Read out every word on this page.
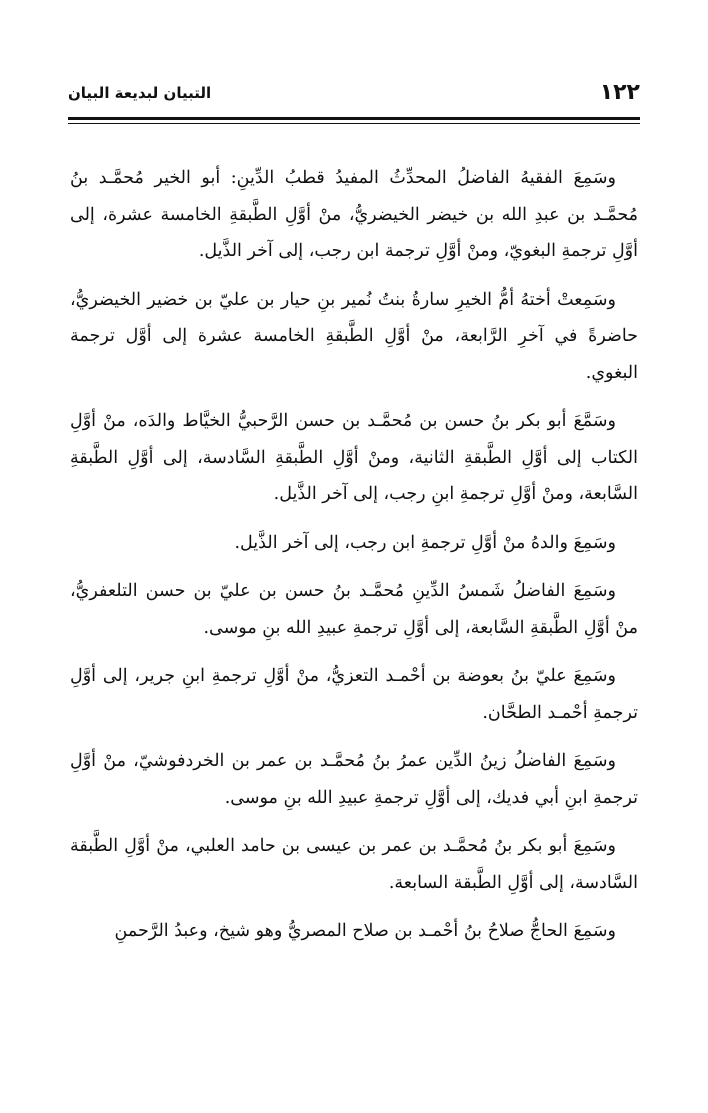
١٢٢
التبيان لبديعة البيان

وسَمِعَ الفقيهُ الفاضلُ المحدِّثُ المفيدُ قطبُ الدِّينِ: أبو الخير مُحمَّـد بنُ مُحمَّـد بن عبدِ الله بن خيضر الخيضريُّ، منْ أوَّلِ الطَّبقةِ الخامسة عشرة، إلى أوَّلِ ترجمةِ البغويّ، ومنْ أوَّلِ ترجمة ابن رجب، إلى آخر الذَّيل.

وسَمِعتْ أختهُ أمُّ الخيرِ سارةُ بنتُ نُمير بنِ حيار بن عليّ بن خضير الخيضريُّ، حاضرةً في آخرِ الرَّابعة، منْ أوَّلِ الطَّبقةِ الخامسة عشرة إلى أوَّل ترجمة البغوي.

وسَمَّعَ أبو بكر بنُ حسن بن مُحمَّـد بن حسن الرَّحبيُّ الخيَّاط والدَه، منْ أوَّلِ الكتاب إلى أوَّلِ الطَّبقةِ الثانية، ومنْ أوَّلِ الطَّبقةِ السَّادسة، إلى أوَّلِ الطَّبقةِ السَّابعة، ومنْ أوَّلِ ترجمةِ ابنِ رجب، إلى آخر الذَّيل.

وسَمِعَ والدهُ منْ أوَّلِ ترجمةِ ابن رجب، إلى آخر الذَّيل.

وسَمِعَ الفاضلُ شَمسُ الدِّينِ مُحمَّـد بنُ حسن بن عليّ بن حسن التلعفريُّ، منْ أوَّلِ الطَّبقةِ السَّابعة، إلى أوَّلِ ترجمةِ عبيدِ الله بنِ موسى.

وسَمِعَ عليّ بنُ بعوضة بن أحْمـد التعزيُّ، منْ أوَّلِ ترجمةِ ابنِ جرير، إلى أوَّلِ ترجمةِ أحْمـد الطحَّان.

وسَمِعَ الفاضلُ زينُ الدِّين عمرُ بنُ مُحمَّـد بن عمر بن الخردفوشيّ، منْ أوَّلِ ترجمةِ ابنِ أبي فديك، إلى أوَّلِ ترجمةِ عبيدِ الله بنِ موسى.

وسَمِعَ أبو بكر بنُ مُحمَّـد بن عمر بن عيسى بن حامد العلبي، منْ أوَّلِ الطَّبقة السَّادسة، إلى أوَّلِ الطَّبقة السابعة.

وسَمِعَ الحاجُّ صلاحُ بنُ أحْمـد بن صلاح المصريُّ وهو شيخ، وعبدُ الرَّحمنِ
